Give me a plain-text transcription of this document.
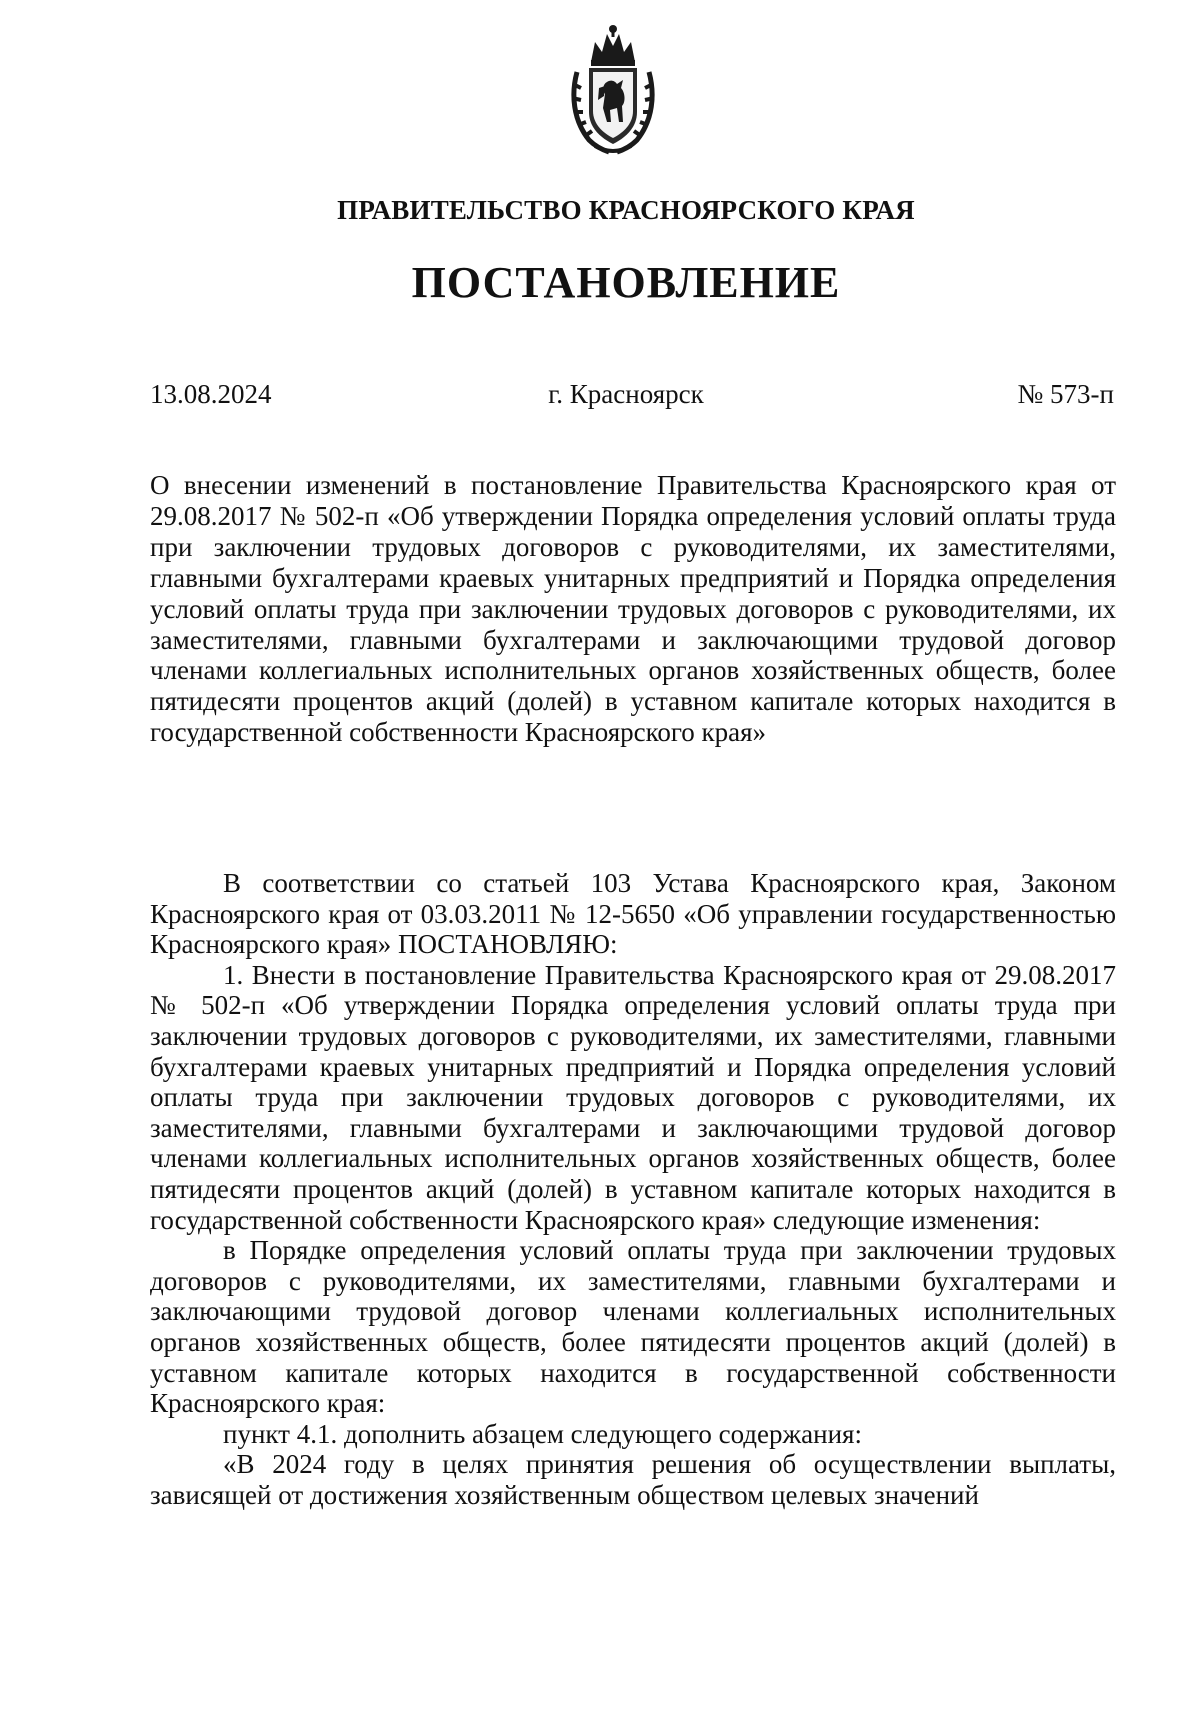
ПРАВИТЕЛЬСТВО КРАСНОЯРСКОГО КРАЯ
ПОСТАНОВЛЕНИЕ
13.08.2024	г. Красноярск	№ 573-п

О внесении изменений в постановление Правительства Красноярского края от 29.08.2017 № 502-п «Об утверждении Порядка определения условий оплаты труда при заключении трудовых договоров с руководителями, их заместителями, главными бухгалтерами краевых унитарных предприятий и Порядка определения условий оплаты труда при заключении трудовых договоров с руководителями, их заместителями, главными бухгалтерами и заключающими трудовой договор членами коллегиальных исполнительных органов хозяйственных обществ, более пятидесяти процентов акций (долей) в уставном капитале которых находится в государственной собственности Красноярского края»

В соответствии со статьей 103 Устава Красноярского края, Законом Красноярского края от 03.03.2011 № 12-5650 «Об управлении государственностью Красноярского края» ПОСТАНОВЛЯЮ:

1. Внести в постановление Правительства Красноярского края от 29.08.2017 № 502-п «Об утверждении Порядка определения условий оплаты труда при заключении трудовых договоров с руководителями, их заместителями, главными бухгалтерами краевых унитарных предприятий и Порядка определения условий оплаты труда при заключении трудовых договоров с руководителями, их заместителями, главными бухгалтерами и заключающими трудовой договор членами коллегиальных исполнительных органов хозяйственных обществ, более пятидесяти процентов акций (долей) в уставном капитале которых находится в государственной собственности Красноярского края» следующие изменения:

в Порядке определения условий оплаты труда при заключении трудовых договоров с руководителями, их заместителями, главными бухгалтерами и заключающими трудовой договор членами коллегиальных исполнительных органов хозяйственных обществ, более пятидесяти процентов акций (долей) в уставном капитале которых находится в государственной собственности Красноярского края:

пункт 4.1. дополнить абзацем следующего содержания:

«В 2024 году в целях принятия решения об осуществлении выплаты, зависящей от достижения хозяйственным обществом целевых значений
